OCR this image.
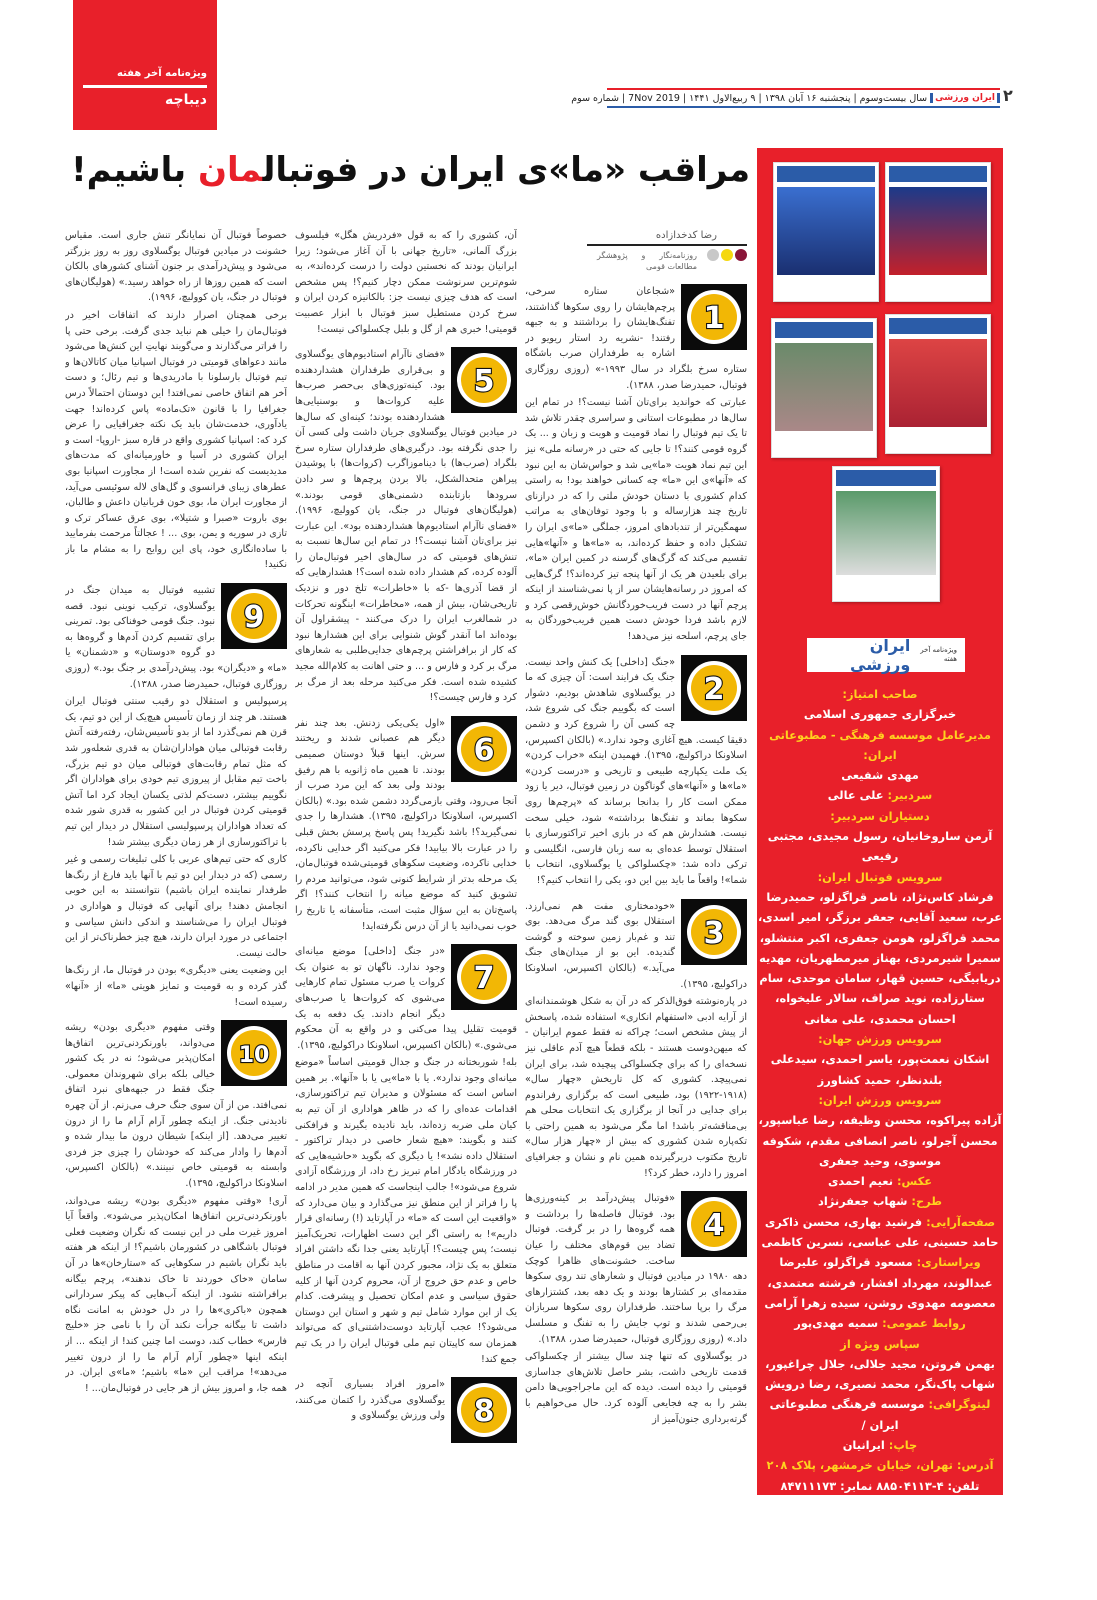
ویژه‌نامه آخر هفته
دیباچه	ایران ورزشی
سال بیست‌وسوم
|
پنجشنبه ۱۶ آبان ۱۳۹۸
|
۹ ربیع‌الاول ۱۴۴۱
|
7Nov 2019
|
شماره سوم	۲
مراقب «ما»ی ایران در فوتبالمان باشیم!
رضا کدخدازاده
روزنامه‌نگار و پژوهشگر مطالعات قومی

1
«شجاعان ستاره سرخی، پرچم‌هایشان را روی سکوها گذاشتند، تفنگ‌هایشان را برداشتند و به جبهه رفتند! -نشریه رد استار ریویو در اشاره به طرفداران صرب باشگاه ستاره سرخ بلگراد در سال ۱۹۹۳-» (روزی روزگاری فوتبال، حمیدرضا صدر، ۱۳۸۸).

عبارتی که خواندید برای‌تان آشنا نیست؟! در تمام این سال‌ها در مطبوعات استانی و سراسری چقدر تلاش شد تا یک تیم فوتبال را نماد قومیت و هویت و زبان و ... یک گروه قومی کنند؟! تا جایی که حتی در «رسانه ملی» نیز این تیم نماد هویت «ما»یی شد و حواس‌شان به این نبود که «آنها»ی این «ما» چه کسانی خواهند بود! به راستی کدام کشوری با دستان خودش ملتی را که در درازنای تاریخ چند هزارساله و با وجود توفان‌های به مراتب سهمگین‌تر از تندبادهای امروز، جملگی «ما»ی ایران را تشکیل داده و حفظ کرده‌اند، به «ما»ها و «آنها»هایی تقسیم می‌کند که گرگ‌های گرسنه در کمین ایران «ما»، برای بلعیدن هر یک از آنها پنجه تیز کرده‌اند؟! گرگ‌هایی که امروز در رسانه‌هایشان سر از پا نمی‌شناسند از اینکه پرچم آنها در دست فریب‌خوردگانش خوش‌رقصی کرد و لازم باشد فردا خودش دست همین فریب‌خوردگان به جای پرچم، اسلحه نیز می‌دهد!

2
«جنگ [داخلی] یک کنش واحد نیست. جنگ یک فرایند است: آن چیزی که ما در یوگسلاوی شاهدش بودیم، دشوار است که بگوییم جنگ کی شروع شد، چه کسی آن را شروع کرد و دشمن دقیقا کیست. هیچ آغازی وجود ندارد.» (بالکان اکسپرس، اسلاونکا دراکولیچ، ۱۳۹۵). فهمیدن اینکه «خراب کردن» یک ملت یکپارچه طبیعی و تاریخی و «درست کردن» «ما»ها و «آنها»های گوناگون در زمین فوتبال، دیر یا زود ممکن است کار را بدانجا برساند که «پرچم‌ها روی سکوها بماند و تفنگ‌ها برداشته» شود، خیلی سخت نیست. هشدارش هم که در بازی اخیر تراکتورسازی با استقلال توسط عده‌ای به سه زبان فارسی، انگلیسی و ترکی داده شد: «چکسلواکی یا یوگسلاوی، انتخاب با شما»! واقعاً ما باید بین این دو، یکی را انتخاب کنیم؟!

3
«خودمختاری مفت هم نمی‌ارزد. استقلال بوی گند مرگ می‌دهد. بوی تند و غم‌بار زمین سوخته و گوشت گندیده. این بو از میدان‌های جنگ می‌آید.» (بالکان اکسپرس، اسلاونکا دراکولیچ، ۱۳۹۵).

در پاره‌نوشته فوق‌الذکر که در آن به شکل هوشمندانه‌ای از آرایه ادبی «استفهام انکاری» استفاده شده، پاسخش از پیش مشخص است؛ چراکه نه فقط عموم ایرانیان - که میهن‌دوست هستند - بلکه قطعاً هیچ آدم عاقلی نیز نسخه‌ای را که برای چکسلواکی پیچیده شد، برای ایران نمی‌پیچد. کشوری که کل تاریخش «چهار سال» (۱۹۱۸-۱۹۲۲) بود، طبیعی است که برگزاری رفراندوم برای جدایی در آنجا از برگزاری یک انتخابات محلی هم بی‌مناقشه‌تر باشد! اما مگر می‌شود به همین راحتی با تکه‌پاره شدن کشوری که بیش از «چهار هزار سال» تاریخ مکتوب دربرگیرنده همین نام و نشان و جغرافیای امروز را دارد، خطر کرد؟!

4
«فوتبال پیش‌درآمد بر کینه‌ورزی‌ها بود. فوتبال فاصله‌ها را برداشت و همه گروه‌ها را در بر گرفت. فوتبال تضاد بین قوم‌های مختلف را عیان ساخت. خشونت‌های ظاهرا کوچک دهه ۱۹۸۰ در میادین فوتبال و شعارهای تند روی سکوها مقدمه‌ای بر کشتارها بودند و یک دهه بعد، کشتزارهای مرگ را برپا ساختند. طرفداران روی سکوها سربازان بی‌رحمی شدند و توپ جایش را به تفنگ و مسلسل داد.» (روزی روزگاری فوتبال، حمیدرضا صدر، ۱۳۸۸).

در یوگسلاوی که تنها چند سال بیشتر از چکسلواکی قدمت تاریخی داشت، بشر حاصل تلاش‌های جداسازی قومیتی را دیده است. دیده که این ماجراجویی‌ها دامن بشر را به چه فجایعی آلوده کرد. حال می‌خواهیم با گرته‌برداری جنون‌آمیز از

آن، کشوری را که به قول «فردریش هگل» فیلسوف بزرگ آلمانی، «تاریخ جهانی با آن آغاز می‌شود؛ زیرا ایرانیان بودند که نخستین دولت را درست کرده‌اند»، به شوم‌ترین سرنوشت ممکن دچار کنیم؟! پس مشخص است که هدف چیزی نیست جز: بالکانیزه کردن ایران و سرخ کردن مستطیل سبز فوتبال با ابزار عصبیت قومیتی! خبری هم از گل و بلبل چکسلواکی نیست!

5
«فضای ناآرام استادیوم‌های یوگسلاوی و بی‌قراری طرفداران هشداردهنده بود. کینه‌توزی‌های بی‌حصر صرب‌ها علیه کروات‌ها و بوسنیایی‌ها هشداردهنده بودند؛ کینه‌ای که سال‌ها در میادین فوتبال یوگسلاوی جریان داشت ولی کسی آن را جدی نگرفته بود. درگیری‌های طرفداران ستاره سرخ بلگراد (صرب‌ها) با دیناموزاگرب (کروات‌ها) با پوشیدن پیراهن متحدالشکل، بالا بردن پرچم‌ها و سر دادن سرودها بازتابنده دشمنی‌های قومی بودند.» (هولیگان‌های فوتبال در جنگ، یان کوولیچ، ۱۹۹۶). «فضای ناآرام استادیوم‌ها هشداردهنده بود». این عبارت نیز برای‌تان آشنا نیست؟! در تمام این سال‌ها نسبت به تنش‌های قومیتی که در سال‌های اخیر فوتبال‌مان را آلوده کرده، کم هشدار داده شده است؟! هشدارهایی که از قضا آذری‌ها -که با «خاطرات» تلخ دور و نزدیک تاریخی‌شان، بیش از همه، «مخاطرات» اینگونه تحرکات در شمالغرب ایران را درک می‌کنند - پیشقراول آن بوده‌اند اما آنقدر گوش شنوایی برای این هشدارها نبود که کار از برافراشتن پرچم‌های جدایی‌طلبی به شعارهای مرگ بر کرد و فارس و ... و حتی اهانت به کلام‌الله مجید کشیده شده است. فکر می‌کنید مرحله بعد از مرگ بر کرد و فارس چیست؟!

6
«اول یکی‌یکی زدنش. بعد چند نفر دیگر هم عصبانی شدند و ریختند سرش. اینها قبلاً دوستان صمیمی بودند. تا همین ماه ژانویه با هم رفیق بودند ولی بعد که این مرد صرب از آنجا می‌رود، وقتی بازمی‌گردد دشمن شده بود.» (بالکان اکسپرس، اسلاونکا دراکولیچ، ۱۳۹۵). هشدارها را جدی نمی‌گیرید؟! باشد نگیرید! پس پاسخ پرسش بخش قبلی را در عبارت بالا بیابید! فکر می‌کنید اگر خدایی ناکرده، خدایی ناکرده، وضعیت سکوهای قومیتی‌شده فوتبال‌مان، یک مرحله بدتر از شرایط کنونی شود، می‌توانید مردم را تشویق کنید که موضع میانه را انتخاب کنند؟! اگر پاسخ‌تان به این سؤال مثبت است، متأسفانه یا تاریخ را خوب نمی‌دانید یا از آن درس نگرفته‌اید!

7
«در جنگ [داخلی] موضع میانه‌ای وجود ندارد. ناگهان تو به عنوان یک کروات یا صرب مسئول تمام کارهایی می‌شوی که کروات‌ها یا صرب‌های دیگر انجام دادند. یک دفعه به یک قومیت تقلیل پیدا می‌کنی و در واقع به آن محکوم می‌شوی.» (بالکان اکسپرس، اسلاونکا دراکولیچ، ۱۳۹۵).

بله! شوربختانه در جنگ و جدال قومیتی اساساً «موضع میانه‌ای وجود ندارد». یا با «ما»یی یا با «آنها». بر همین اساس است که مسئولان و مدیران تیم تراکتورسازی، اقدامات عده‌ای را که در ظاهر هواداری از آن تیم به کیان ملی ضربه زده‌اند، باید نادیده بگیرند و فرافکنی کنند و بگویند: «هیچ شعار خاصی در دیدار تراکتور - استقلال داده نشد»! یا دیگری که بگوید «حاشیه‌هایی که در ورزشگاه یادگار امام تبریز رخ داد، از ورزشگاه آزادی شروع می‌شود»! جالب اینجاست که همین مدیر در ادامه پا را فراتر از این منطق نیز می‌گذارد و بیان می‌دارد که «واقعیت این است که «ما» در آپارتاید (!) رسانه‌ای قرار داریم»! به راستی اگر این دست اظهارات، تحریک‌آمیز نیست؛ پس چیست؟! آپارتاید یعنی جدا نگه داشتن افراد متعلق به یک نژاد، مجبور کردن آنها به اقامت در مناطق خاص و عدم حق خروج از آن، محروم کردن آنها از کلیه حقوق سیاسی و عدم امکان تحصیل و پیشرفت. کدام یک از این موارد شامل تیم و شهر و استان این دوستان می‌شود؟! عجب آپارتاید دوست‌داشتنی‌ای که می‌تواند همزمان سه کاپیتان تیم ملی فوتبال ایران را در یک تیم جمع کند!

8
«امروز افراد بسیاری آنچه در یوگسلاوی می‌گذرد را کتمان می‌کنند، ولی ورزش یوگسلاوی و

خصوصاً فوتبال آن نمایانگر تنش جاری است. مقیاس خشونت در میادین فوتبال یوگسلاوی روز به روز بزرگتر می‌شود و پیش‌درآمدی بر جنون آشنای کشورهای بالکان است که همین روزها از راه خواهد رسید.» (هولیگان‌های فوتبال در جنگ، یان کوولیچ، ۱۹۹۶).

برخی همچنان اصرار دارند که اتفاقات اخیر در فوتبال‌مان را خیلی هم نباید جدی گرفت. برخی حتی پا را فراتر می‌گذارند و می‌گویند نهایتِ این کنش‌ها می‌شود مانند دعواهای قومیتی در فوتبال اسپانیا میان کاتالان‌ها و تیم فوتبال بارسلونا با مادریدی‌ها و تیم رئال؛ و دست آخر هم اتفاق خاصی نمی‌افتد! این دوستان احتمالاً درس جغرافیا را با قانون «تک‌ماده» پاس کرده‌اند! جهت یادآوری، خدمت‌شان باید یک نکته جغرافیایی را عرض کرد که: اسپانیا کشوری واقع در قاره سبز -اروپا- است و ایران کشوری در آسیا و خاورمیانه‌ای که مدت‌های مدیدیست که نفرین شده است! از مجاورت اسپانیا بوی عطرهای زیبای فرانسوی و گل‌های لاله سوئیسی می‌آید، از مجاورت ایران ما، بوی خون قربانیان داعش و طالبان، بوی باروت «صبرا و شتیلا»، بوی عرق عساکر ترک و تازی در سوریه و یمن، بوی ... ! عجالتاً مرحمت بفرمایید با ساده‌انگاری خود، پای این روایح را به مشام ما باز نکنید!

9
تشبیه فوتبال به میدان جنگ در یوگسلاوی، ترکیب نوینی نبود. قصه نبود. جنگ قومی خوفناکی بود. تمرینی برای تقسیم کردن آدم‌ها و گروه‌ها به دو گروه «دوستان» و «دشمنان» یا «ما» و «دیگران» بود. پیش‌درآمدی بر جنگ بود.» (روزی روزگاری فوتبال، حمیدرضا صدر، ۱۳۸۸).

پرسپولیس و استقلال دو رقیب سنتی فوتبال ایران هستند. هر چند از زمان تأسیس هیچ‌یک از این دو تیم، یک قرن هم نمی‌گذرد اما از بدو تأسیس‌شان، رفته‌رفته آتش رقابت فوتبالی میان هواداران‌شان به قدری شعله‌ور شد که مثل تمام رقابت‌های فوتبالی میان دو تیم بزرگ، باخت تیم مقابل از پیروزی تیم خودی برای هواداران اگر نگوییم بیشتر، دست‌کم لذتی یکسان ایجاد کرد اما آتش قومیتی کردن فوتبال در این کشور به قدری شور شده که تعداد هواداران پرسپولیسی استقلال در دیدار این تیم با تراکتورسازی از هر زمان دیگری بیشتر شد!

کاری که حتی تیم‌های عربی با کلی تبلیغات رسمی و غیر رسمی (که در دیدار این دو تیم با آنها باید فارغ از رنگ‌ها طرفدار نماینده ایران باشیم) نتوانستند به این خوبی انجامش دهند! برای آنهایی که فوتبال و هواداری در فوتبال ایران را می‌شناسند و اندکی دانش سیاسی و اجتماعی در مورد ایران دارند، هیچ چیز خطرناک‌تر از این حالت نیست.

این وضعیت یعنی «دیگری» بودن در فوتبال ما، از رنگ‌ها گذر کرده و به قومیت و تمایز هویتی «ما» از «آنها» رسیده است!

10
وقتی مفهوم «دیگری بودن» ریشه می‌دواند، باورنکردنی‌ترین اتفاق‌ها امکان‌پذیر می‌شود؛ نه در یک کشور خیالی بلکه برای شهروندان معمولی. جنگ فقط در جبهه‌های نبرد اتفاق نمی‌افتد. من از آن سوی جنگ حرف می‌زنم. از آن چهره نادیدنی جنگ. از اینکه چطور آرام آرام ما را از درون تغییر می‌دهد. [از اینکه] شیطان درون ما بیدار شده و آدم‌ها را وادار می‌کند که خودشان را چیزی جز فردی وابسته به قومیتی خاص نبینند.» (بالکان اکسپرس، اسلاونکا دراکولیچ، ۱۳۹۵).

آری! «وقتی مفهوم «دیگری بودن» ریشه می‌دواند، باورنکردنی‌ترین اتفاق‌ها امکان‌پذیر می‌شود». واقعاً آیا امروز غیرت ملی در این نیست که نگران وضعیت فعلی فوتبال باشگاهی در کشورمان باشیم؟! از اینکه هر هفته باید نگران باشیم در سکوهایی که «ستارخان»ها در آن سامان «خاک خوردند تا خاک ندهند»، پرچم بیگانه برافراشته نشود. از اینکه آب‌هایی که پیکر سردارانی همچون «باکری»ها را در دل خودش به امانت نگاه داشت تا بیگانه جرأت نکند آن را با نامی جز «خلیج فارس» خطاب کند، دوست اما چنین کند! از اینکه ... از اینکه اینها «چطور آرام آرام ما را از درون تغییر می‌دهد»! مراقب این «ما» باشیم؛ «ما»ی ایران. در همه جا، و امروز بیش از هر جایی در فوتبال‌مان... !

ویژه‌نامه آخر هفته
ایران ورزشی
صاحب امتیاز:
خبرگزاری جمهوری اسلامی
مدیرعامل موسسه فرهنگی - مطبوعاتی ایران:
مهدی شفیعی
سردبیر: علی عالی
دستیاران سردبیر:
آرمن ساروخانیان، رسول مجیدی، مجتبی رفیعی
سرویس فوتبال ایران:
فرشاد کاس‌نژاد، ناصر قراگزلو، حمیدرضا عرب، سعید آقایی، جعفر برزگر، امیر اسدی، محمد قراگزلو، هومن جعفری، اکبر منتشلو، سمیرا شیرمردی، بهناز میرمطهریان، مهدیه دریابیگی، حسین قهار، سامان موحدی، سام ستارزاده، نوید صراف، سالار علیخواه، احسان محمدی، علی مغانی
سرویس ورزش جهان:
اشکان نعمت‌پور، یاسر احمدی، سیدعلی بلندنظر، حمید کشاورز
سرویس ورزش ایران:
آزاده پیراکوه، محسن وظیفه، رضا عباسپور، محسن آجرلو، ناصر انصافی مقدم، شکوفه موسوی، وحید جعفری
عکس: نعیم احمدی
طرح: شهاب جعفرنژاد
صفحه‌آرایی: فرشید بهاری، محسن ذاکری حامد حسینی، علی عباسی، نسرین کاظمی
ویراستاری: مسعود قراگزلو، علیرضا عبدالوند، مهرداد افشار، فرشته معتمدی، معصومه مهدوی روشن، سیده زهرا آرامی
روابط عمومی: سمیه مهدی‌پور
سپاس ویژه از
بهمن فروتن، مجید جلالی، جلال چراغپور، شهاب پاک‌نگر، محمد نصیری، رضا درویش
لیتوگرافی: موسسه فرهنگی مطبوعاتی ایران /
چاپ: ایرانیان
آدرس: تهران، خیابان خرمشهر، پلاک ۲۰۸
تلفن: ۴-۸۸۵۰۴۱۱۳ نمابر: ۸۴۷۱۱۱۷۳
امور مشترکین: ۹-۲۲۲۲۴۳۸
سازمان آگهی: ها: ۸۸۵۰۰۶۱۷
